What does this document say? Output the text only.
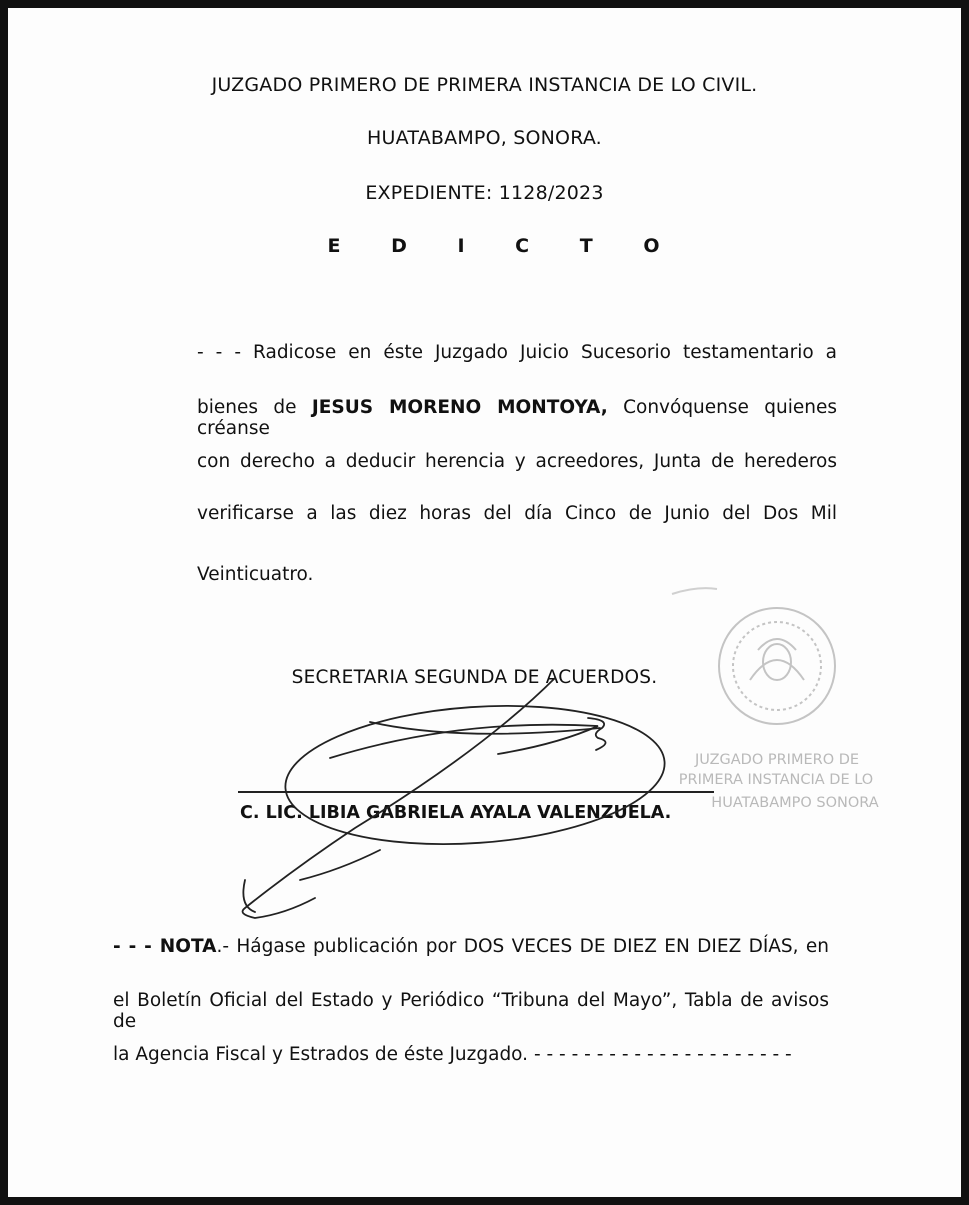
JUZGADO PRIMERO DE PRIMERA INSTANCIA DE LO CIVIL.
HUATABAMPO, SONORA.
EXPEDIENTE: 1128/2023
E D I C T O
- - - Radicose en éste Juzgado Juicio Sucesorio testamentario a
bienes de JESUS MORENO MONTOYA, Convóquense quienes créanse
con derecho a deducir herencia y acreedores, Junta de herederos
verificarse a las diez horas del día Cinco de Junio del Dos Mil
Veinticuatro.
JUZGADO PRIMERO DE
PRIMERA INSTANCIA DE LO
HUATABAMPO SONORA
SECRETARIA SEGUNDA DE ACUERDOS.
C. LIC. LIBIA GABRIELA AYALA VALENZUELA.
- - - NOTA.- Hágase publicación por DOS VECES DE DIEZ EN DIEZ DÍAS, en
el Boletín Oficial del Estado y Periódico “Tribuna del Mayo”, Tabla de avisos de
la Agencia Fiscal y Estrados de éste Juzgado. - - - - - - - - - - - - - - - - - - - - -
